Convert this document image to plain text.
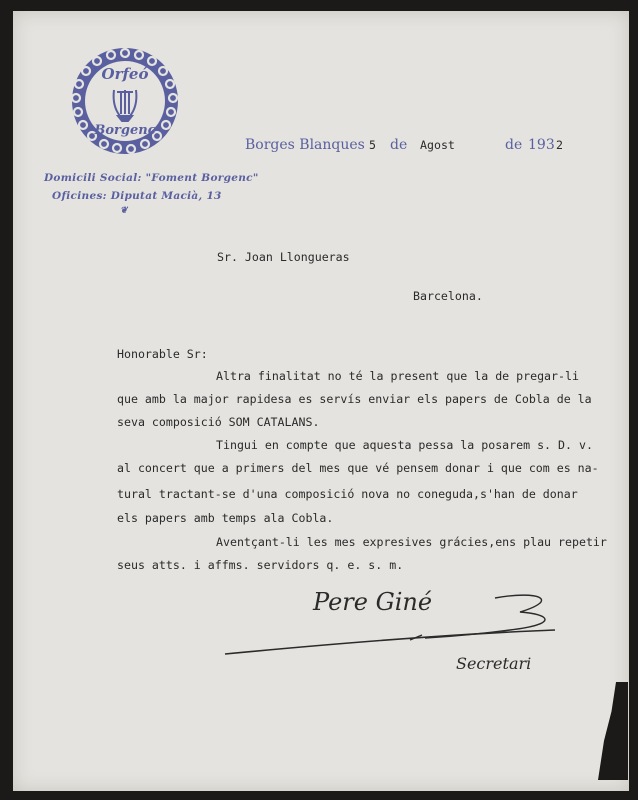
Orfeó
Borgenc
Domicili Social: "Foment Borgenc"
Oficines: Diputat Macià, 13
❦
Borges Blanques 5 de Agost	de 193 2
Sr. Joan Llongueras
Barcelona.
Honorable Sr:
Altra finalitat no té la present que la de pregar-li
que amb la major rapidesa es servís enviar els papers de Cobla de la
seva composició SOM CATALANS.
Tingui en compte que aquesta pessa la posarem s. D. v.
al concert que a primers del mes que vé pensem donar i que com es na-
tural tractant-se d'una composició nova no coneguda,s'han de donar
els papers amb temps ala Cobla.
Aventçant-li les mes expresives grácies,ens plau repetir
seus atts. i affms. servidors q. e. s. m.
Pere Giné
Secretari
